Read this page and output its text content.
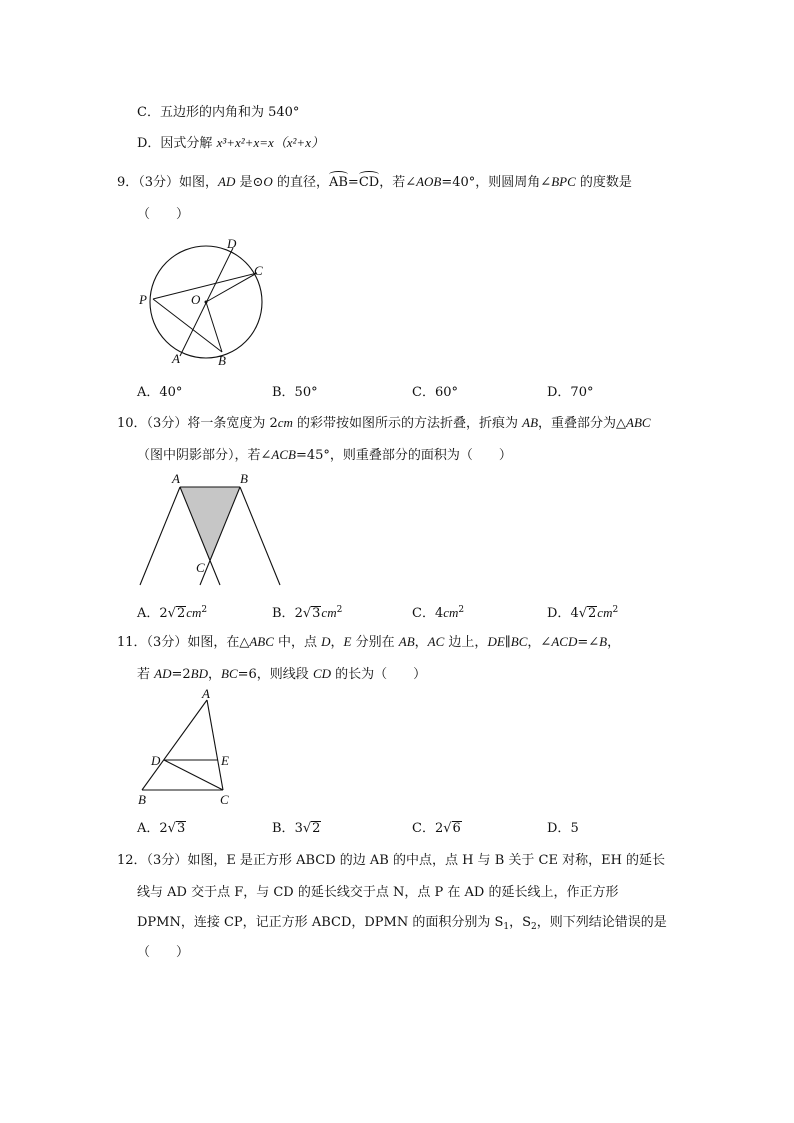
C．五边形的内角和为 540°
D．因式分解 x³+x²+x=x（x²+x）
9．（3分）如图，AD 是⊙O 的直径，AB=CD，若∠AOB=40°，则圆周角∠BPC 的度数是
（　　）
D
C
P	O
A	B
A．40°	B．50°	C．60°	D．70°
10．（3分）将一条宽度为 2cm 的彩带按如图所示的方法折叠，折痕为 AB，重叠部分为△ABC
（图中阴影部分），若∠ACB=45°，则重叠部分的面积为（　　）
A	B
C
A．$2√2cm^2$	B．$2√3cm^2$	C．$4cm^2$	D．$4√2cm^2$
11．（3分）如图，在△ABC 中，点 D，E 分别在 AB，AC 边上，DE∥BC，∠ACD=∠B，
若 AD=2BD，BC=6，则线段 CD 的长为（　　）
A
D	E
B	C
A．2√3	B．3√2	C．2√6	D．5
12．（3分）如图，E 是正方形 ABCD 的边 AB 的中点，点 H 与 B 关于 CE 对称，EH 的延长
线与 AD 交于点 F，与 CD 的延长线交于点 N，点 P 在 AD 的延长线上，作正方形
DPMN，连接 CP，记正方形 ABCD，DPMN 的面积分别为 $S_1$，$S_2$，则下列结论错误的是
（　　）
